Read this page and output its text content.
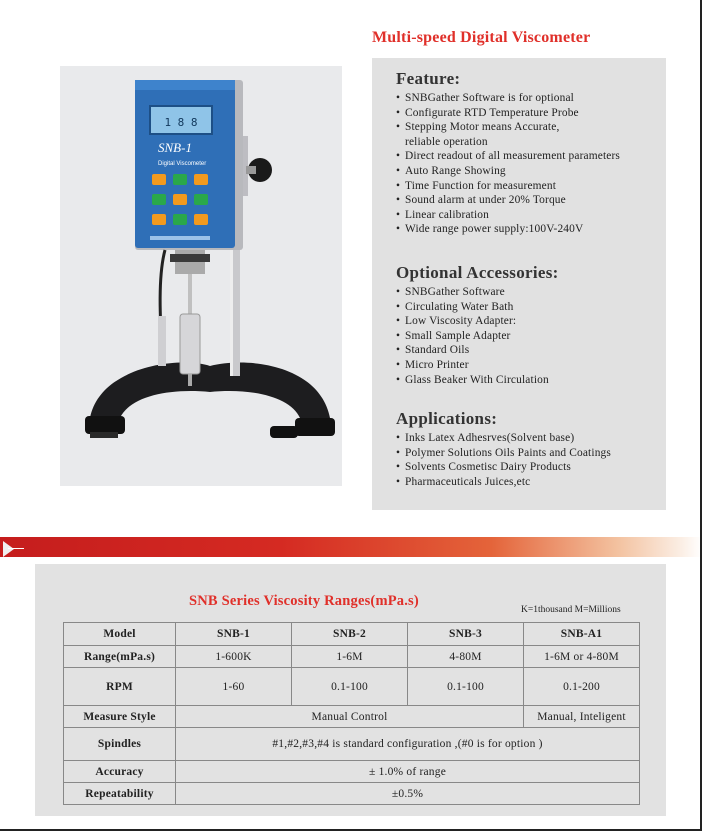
Multi-speed Digital Viscometer
1 8 8
SNB-1
Digital Viscometer
Feature:
• SNBGather Software is for optional
• Configurate RTD Temperature Probe
• Stepping Motor means Accurate,
reliable operation
• Direct readout of all measurement parameters
• Auto Range Showing
• Time Function for measurement
• Sound alarm at under 20% Torque
• Linear calibration
• Wide range power supply:100V-240V
Optional Accessories:
• SNBGather Software
• Circulating Water Bath
• Low Viscosity Adapter:
• Small Sample Adapter
• Standard Oils
• Micro Printer
• Glass Beaker With Circulation
Applications:
• Inks Latex Adhesrves(Solvent base)
• Polymer Solutions Oils Paints and Coatings
• Solvents Cosmetisc Dairy Products
• Pharmaceuticals Juices,etc
SNB Series Viscosity Ranges(mPa.s)
K=1thousand M=Millions
Model	SNB-1	SNB-2	SNB-3	SNB-A1
Range(mPa.s)	1-600K	1-6M	4-80M	1-6M or 4-80M
RPM	1-60	0.1-100	0.1-100	0.1-200
Measure Style	Manual Control			Manual, Inteligent
Spindles	#1,#2,#3,#4 is standard configuration ,(#0 is for option )			
Accuracy	± 1.0% of range			
Repeatability	±0.5%			
